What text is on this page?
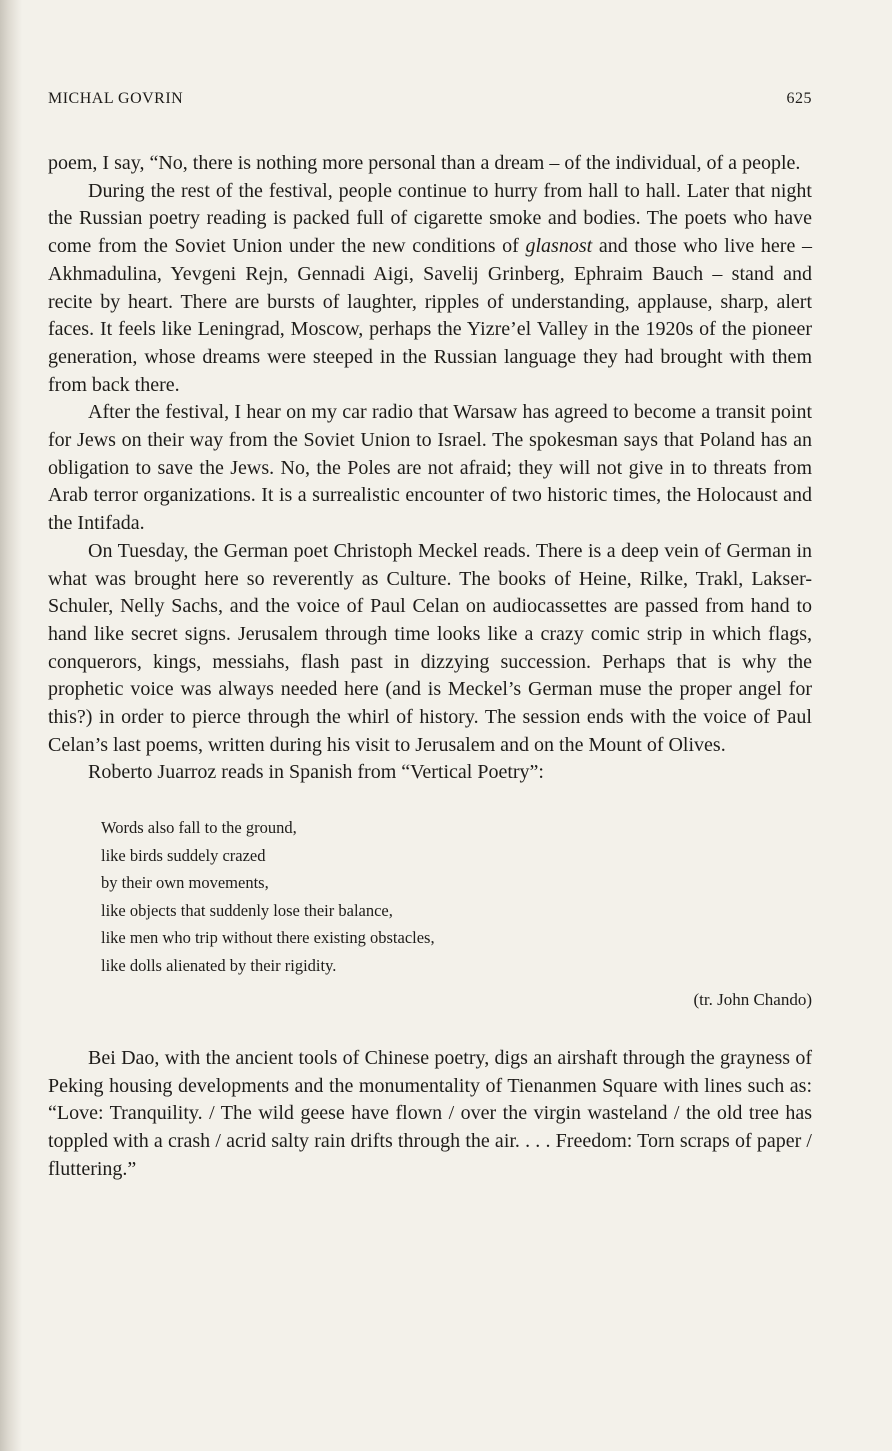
MICHAL GOVRIN	625

poem, I say, “No, there is nothing more personal than a dream – of the individual, of a people.

During the rest of the festival, people continue to hurry from hall to hall. Later that night the Russian poetry reading is packed full of cigarette smoke and bodies. The poets who have come from the Soviet Union under the new conditions of glasnost and those who live here – Akhmadulina, Yevgeni Rejn, Gennadi Aigi, Savelij Grinberg, Ephraim Bauch – stand and recite by heart. There are bursts of laughter, ripples of understanding, applause, sharp, alert faces. It feels like Leningrad, Moscow, perhaps the Yizre’el Valley in the 1920s of the pioneer generation, whose dreams were steeped in the Russian language they had brought with them from back there.

After the festival, I hear on my car radio that Warsaw has agreed to become a transit point for Jews on their way from the Soviet Union to Israel. The spokesman says that Poland has an obligation to save the Jews. No, the Poles are not afraid; they will not give in to threats from Arab terror organizations. It is a surrealistic encounter of two historic times, the Holocaust and the Intifada.

On Tuesday, the German poet Christoph Meckel reads. There is a deep vein of German in what was brought here so reverently as Culture. The books of Heine, Rilke, Trakl, Lakser-Schuler, Nelly Sachs, and the voice of Paul Celan on audiocassettes are passed from hand to hand like secret signs. Jerusalem through time looks like a crazy comic strip in which flags, conquerors, kings, messiahs, flash past in dizzying succession. Perhaps that is why the prophetic voice was always needed here (and is Meckel’s German muse the proper angel for this?) in order to pierce through the whirl of history. The session ends with the voice of Paul Celan’s last poems, written during his visit to Jerusalem and on the Mount of Olives.

Roberto Juarroz reads in Spanish from “Vertical Poetry”:

Words also fall to the ground,
like birds suddely crazed
by their own movements,
like objects that suddenly lose their balance,
like men who trip without there existing obstacles,
like dolls alienated by their rigidity.
(tr. John Chando)

Bei Dao, with the ancient tools of Chinese poetry, digs an airshaft through the grayness of Peking housing developments and the monumentality of Tienanmen Square with lines such as: “Love: Tranquility. / The wild geese have flown / over the virgin wasteland / the old tree has toppled with a crash / acrid salty rain drifts through the air. . . . Freedom: Torn scraps of paper / fluttering.”
